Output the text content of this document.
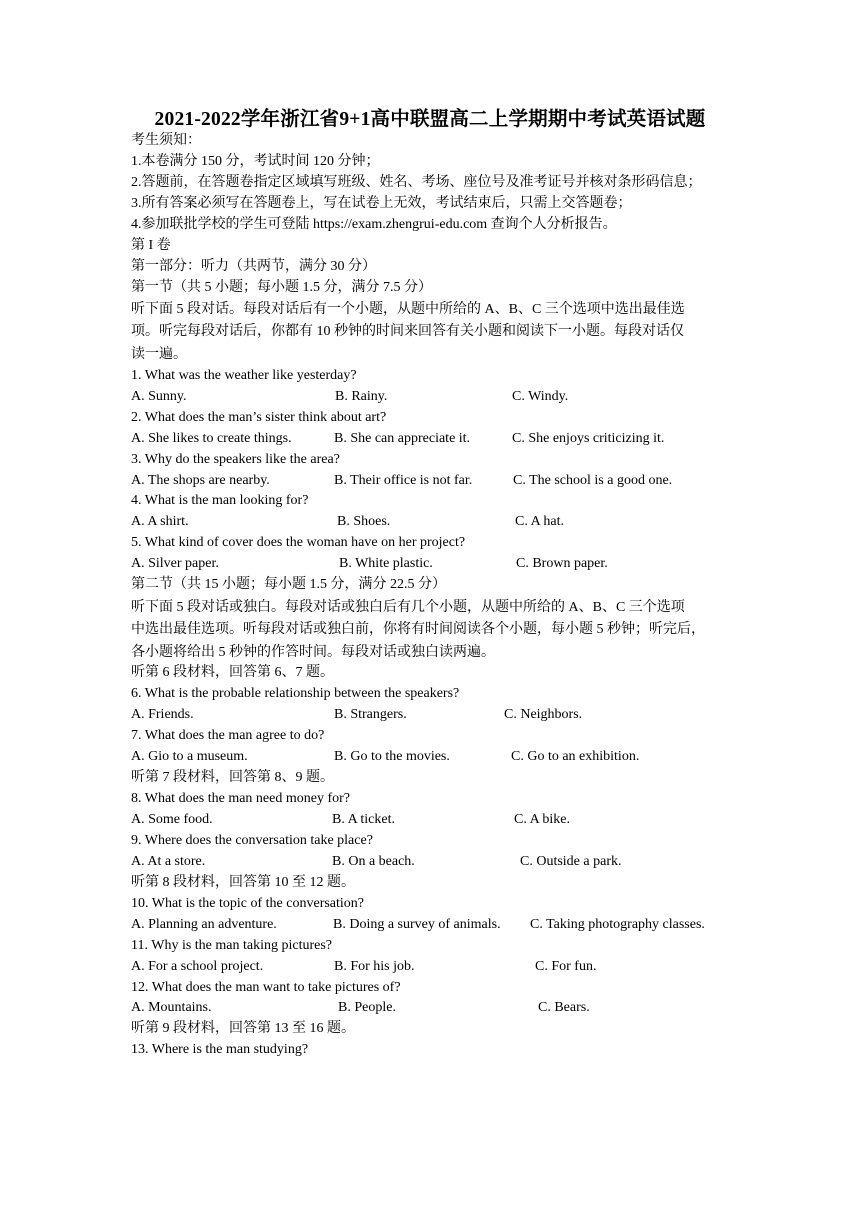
2021-2022学年浙江省9+1高中联盟高二上学期期中考试英语试题
考生须知：
1.本卷满分 150 分，考试时间 120 分钟；
2.答题前，在答题卷指定区域填写班级、姓名、考场、座位号及准考证号并核对条形码信息；
3.所有答案必须写在答题卷上，写在试卷上无效，考试结束后，只需上交答题卷；
4.参加联批学校的学生可登陆 https://exam.zhengrui-edu.com 查询个人分析报告。
第 I 卷
第一部分：听力（共两节，满分 30 分）
第一节（共 5 小题；每小题 1.5 分，满分 7.5 分）
听下面 5 段对话。每段对话后有一个小题，从题中所给的 A、B、C 三个选项中选出最佳选
项。听完每段对话后，你都有 10 秒钟的时间来回答有关小题和阅读下一小题。每段对话仅
读一遍。
1. What was the weather like yesterday?
A. Sunny.	B. Rainy.	C. Windy.
2. What does the man’s sister think about art?
A. She likes to create things.	B. She can appreciate it.	C. She enjoys criticizing it.
3. Why do the speakers like the area?
A. The shops are nearby.	B. Their office is not far.	C. The school is a good one.
4. What is the man looking for?
A. A shirt.	B. Shoes.	C. A hat.
5. What kind of cover does the woman have on her project?
A. Silver paper.	B. White plastic.	C. Brown paper.
第二节（共 15 小题；每小题 1.5 分，满分 22.5 分）
听下面 5 段对话或独白。每段对话或独白后有几个小题，从题中所给的 A、B、C 三个选项
中选出最佳选项。听每段对话或独白前，你将有时间阅读各个小题，每小题 5 秒钟；听完后，
各小题将给出 5 秒钟的作答时间。每段对话或独白读两遍。
听第 6 段材料，回答第 6、7 题。
6. What is the probable relationship between the speakers?
A. Friends.	B. Strangers.	C. Neighbors.
7. What does the man agree to do?
A. Gio to a museum.	B. Go to the movies.	C. Go to an exhibition.
听第 7 段材料，回答第 8、9 题。
8. What does the man need money for?
A. Some food.	B. A ticket.	C. A bike.
9. Where does the conversation take place?
A. At a store.	B. On a beach.	C. Outside a park.
听第 8 段材料，回答第 10 至 12 题。
10. What is the topic of the conversation?
A. Planning an adventure.	B. Doing a survey of animals. C. Taking photography classes.
11. Why is the man taking pictures?
A. For a school project.	B. For his job.	C. For fun.
12. What does the man want to take pictures of?
A. Mountains.	B. People.	C. Bears.
听第 9 段材料，回答第 13 至 16 题。
13. Where is the man studying?
